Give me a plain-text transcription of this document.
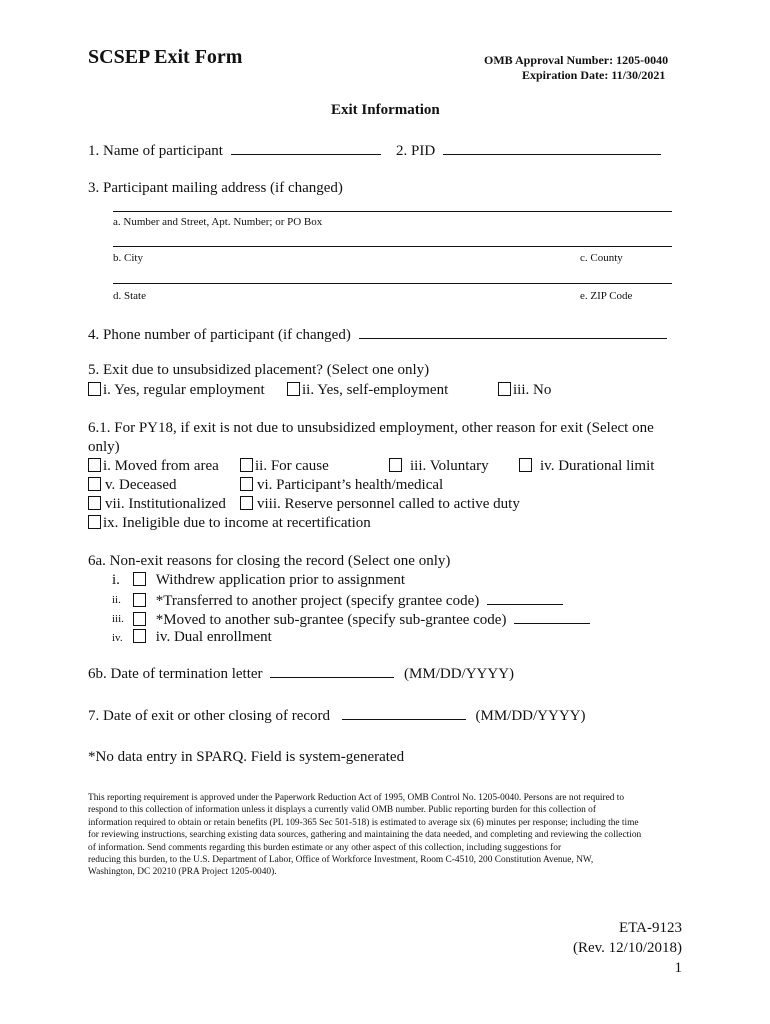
SCSEP Exit Form	OMB Approval Number: 1205-0040
Expiration Date: 11/30/2021
Exit Information
1. Name of participant	2. PID
3. Participant mailing address (if changed)
a. Number and Street, Apt. Number; or PO Box
b. City	c. County
d. State	e. ZIP Code
4. Phone number of participant (if changed)
5. Exit due to unsubsidized placement? (Select one only)
i. Yes, regular employment	ii. Yes, self-employment	iii. No
6.1. For PY18, if exit is not due to unsubsidized employment, other reason for exit (Select one
only)
i. Moved from area	ii. For cause	iii. Voluntary	iv. Durational limit
v. Deceased	vi. Participant’s health/medical
vii. Institutionalized	viii. Reserve personnel called to active duty
ix. Ineligible due to income at recertification
6a. Non-exit reasons for closing the record (Select one only)
i.	Withdrew application prior to assignment
ii.	*Transferred to another project (specify grantee code)
iii.	*Moved to another sub-grantee (specify sub-grantee code)
iv.	iv. Dual enrollment
6b. Date of termination letter	(MM/DD/YYYY)
7. Date of exit or other closing of record	(MM/DD/YYYY)
*No data entry in SPARQ. Field is system-generated
This reporting requirement is approved under the Paperwork Reduction Act of 1995, OMB Control No. 1205-0040. Persons are not required to
respond to this collection of information unless it displays a currently valid OMB number. Public reporting burden for this collection of
information required to obtain or retain benefits (PL 109-365 Sec 501-518) is estimated to average six (6) minutes per response; including the time
for reviewing instructions, searching existing data sources, gathering and maintaining the data needed, and completing and reviewing the collection
of information. Send comments regarding this burden estimate or any other aspect of this collection, including suggestions for
reducing this burden, to the U.S. Department of Labor, Office of Workforce Investment, Room C-4510, 200 Constitution Avenue, NW,
Washington, DC 20210 (PRA Project 1205-0040).
ETA-9123
(Rev. 12/10/2018)
1
